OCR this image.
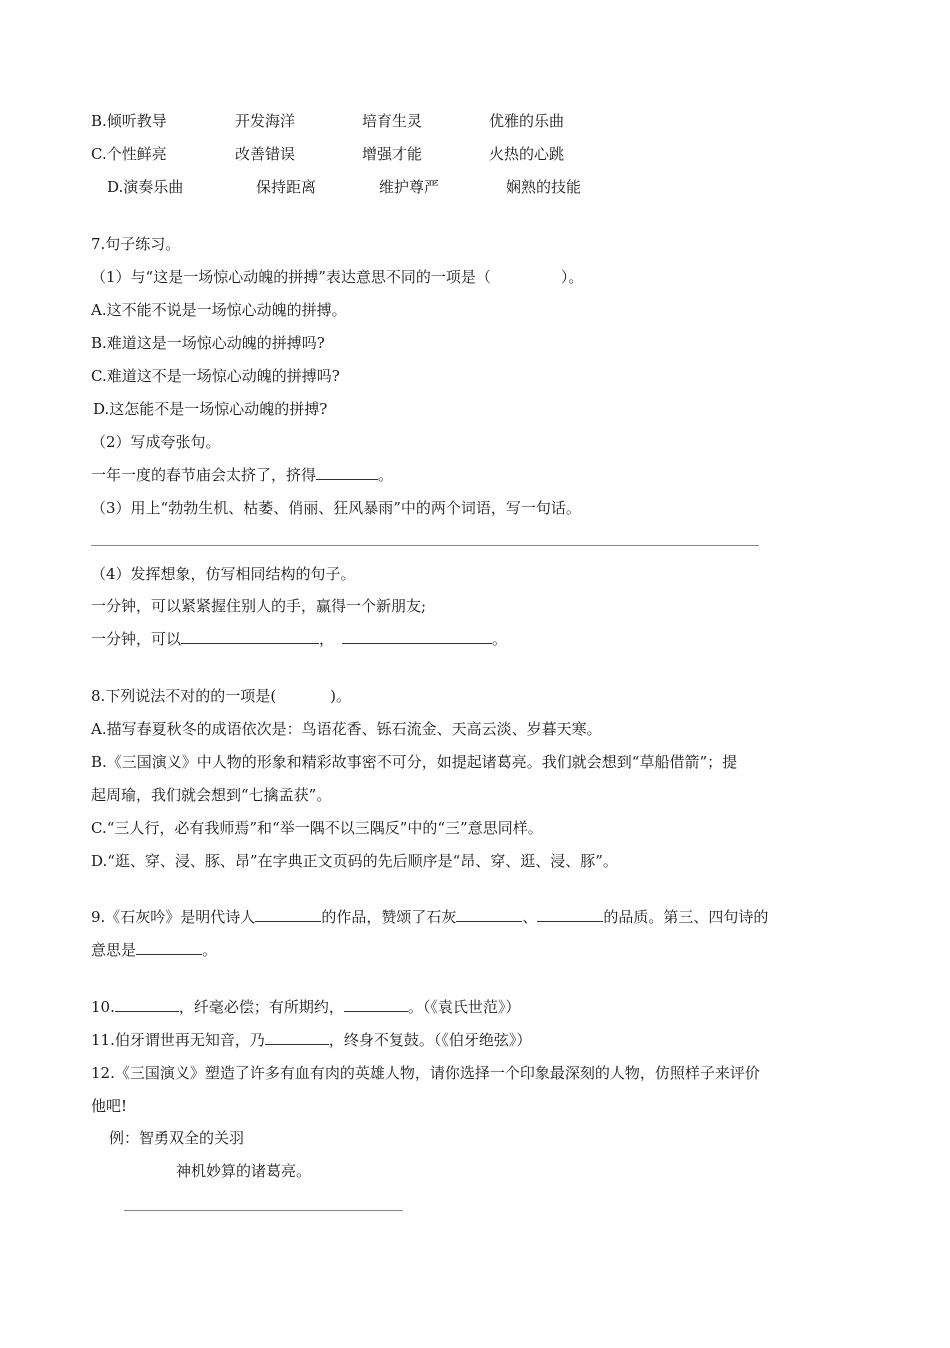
B.倾听教导	开发海洋	培育生灵	优雅的乐曲
C.个性鲜亮	改善错误	增强才能	火热的心跳
D.演奏乐曲	保持距离	维护尊严	娴熟的技能
7.句子练习。
（1）与“这是一场惊心动魄的拼搏”表达意思不同的一项是（	）。
A.这不能不说是一场惊心动魄的拼搏。
B.难道这是一场惊心动魄的拼搏吗?
C.难道这不是一场惊心动魄的拼搏吗?
D.这怎能不是一场惊心动魄的拼搏?
（2）写成夸张句。
一年一度的春节庙会太挤了，挤得	。
（3）用上“勃勃生机、枯萎、俏丽、狂风暴雨”中的两个词语，写一句话。
（4）发挥想象，仿写相同结构的句子。
一分钟，可以紧紧握住别人的手，赢得一个新朋友;
一分钟，可以	，	。
8.下列说法不对的的一项是(	)。
A.描写春夏秋冬的成语依次是：鸟语花香、铄石流金、天高云淡、岁暮天寒。
B.《三国演义》中人物的形象和精彩故事密不可分，如提起诸葛亮。我们就会想到“草船借箭”；提
起周瑜，我们就会想到“七擒孟获”。
C.“三人行，必有我师焉”和“举一隅不以三隅反”中的“三”意思同样。
D.“逛、穿、浸、豚、昂”在字典正文页码的先后顺序是“昂、穿、逛、浸、豚”。
9.《石灰吟》是明代诗人	的作品，赞颂了石灰	、	的品质。第三、四句诗的
意思是	。
10.	，纤毫必偿；有所期约，	。（《袁氏世范》）
11.伯牙谓世再无知音，乃	，终身不复鼓。（《伯牙绝弦》）
12.《三国演义》塑造了许多有血有肉的英雄人物，请你选择一个印象最深刻的人物，仿照样子来评价
他吧!
例：智勇双全的关羽
神机妙算的诸葛亮。
